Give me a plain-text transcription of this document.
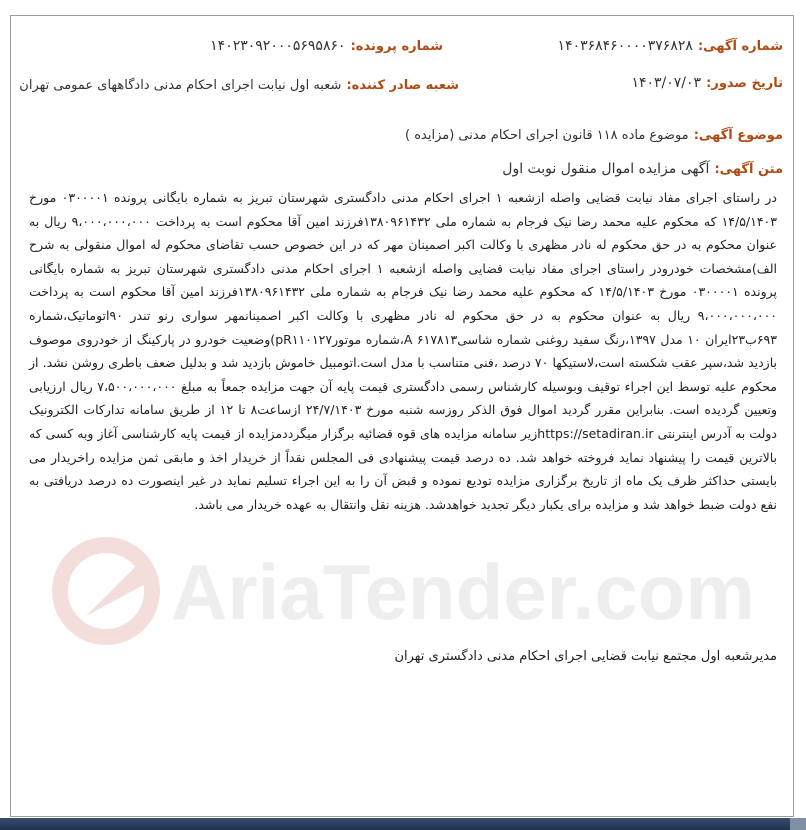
AriaTender.com
شماره آگهی: ۱۴۰۳۶۸۴۶۰۰۰۰۳۷۶۸۲۸
شماره پرونده: ۱۴۰۲۳۰۹۲۰۰۰۵۶۹۵۸۶۰
تاریخ صدور: ۱۴۰۳/۰۷/۰۳
شعبه صادر کننده: شعبه اول نیابت اجرای احکام مدنی دادگاههای عمومی تهران
موضوع آگهی: موضوع ماده ۱۱۸ قانون اجرای احکام مدنی (مزایده )
متن آگهی: آگهی مزایده اموال منقول نوبت اول

در راستای اجرای مفاد نیابت قضایی واصله ازشعبه ۱ اجرای احکام مدنی دادگستری شهرستان تبریز به شماره بایگانی پرونده ۰۳۰۰۰۰۱ مورخ ۱۴/۵/۱۴۰۳ که محکوم علیه محمد رضا نیک فرجام به شماره ملی ۱۳۸۰۹۶۱۴۳۲فرزند امین آقا محکوم است به پرداخت ۹،۰۰۰،۰۰۰،۰۰۰ ریال به عنوان محکوم به در حق محکوم له نادر مظهری با وکالت اکبر اصمینان مهر که در این خصوص حسب تقاضای محکوم له اموال منقولی به شرح الف)مشخصات خودرودر راستای اجرای مفاد نیابت قضایی واصله ازشعبه ۱ اجرای احکام مدنی دادگستری شهرستان تبریز به شماره بایگانی پرونده ۰۳۰۰۰۰۱ مورخ ۱۴/۵/۱۴۰۳ که محکوم علیه محمد رضا نیک فرجام به شماره ملی ۱۳۸۰۹۶۱۴۳۲فرزند امین آقا محکوم است به پرداخت ۹،۰۰۰،۰۰۰،۰۰۰ ریال به عنوان محکوم به در حق محکوم له نادر مظهری با وکالت اکبر اصمینانمهر سواری رنو تندر ۹۰اتوماتیک،شماره ۶۹۳ب۲۳ایران ۱۰ مدل ۱۳۹۷،رنگ سفید روغنی شماره شاسی۶۱۷۸۱۳ A،شماره موتورpR۱۱۰۱۲۷)وضعیت خودرو در پارکینگ از خودروی موصوف بازدید شد،سپر عقب شکسته است،لاستیکها ۷۰ درصد ،فنی متناسب با مدل است.اتومبیل خاموش بازدید شد و بدلیل ضعف باطری روشن نشد. از محکوم علیه توسط این اجراء توقیف وبوسیله کارشناس رسمی دادگستری قیمت پایه آن جهت مزایده جمعاً به مبلغ ۷،۵۰۰،۰۰۰،۰۰۰ ریال ارزیابی وتعیین گردیده است. بنابراین مقرر گردید اموال فوق الذکر روزسه شنبه مورخ ۲۴/۷/۱۴۰۳ ازساعت۸ تا ۱۲ از طریق سامانه تدارکات الکترونیک دولت به آدرس اینترنتی https://setadiran.irزیر سامانه مزایده های قوه قضائیه برگزار میگرددمزایده از قیمت پایه کارشناسی آغاز وبه کسی که بالاترین قیمت را پیشنهاد نماید فروخته خواهد شد. ده درصد قیمت پیشنهادی فی المجلس نقداً از خریدار اخذ و مابقی ثمن مزایده راخریدار می بایستی حداکثر ظرف یک ماه از تاریخ برگزاری مزایده تودیع نموده و قبض آن را به این اجراء تسلیم نماید در غیر اینصورت ده درصد دریافتی به نفع دولت ضبط خواهد شد و مزایده برای یکبار دیگر تجدید خواهدشد. هزینه نقل وانتقال به عهده خریدار می باشد.

مدیرشعبه اول مجتمع نیابت قضایی اجرای احکام مدنی دادگستری تهران
